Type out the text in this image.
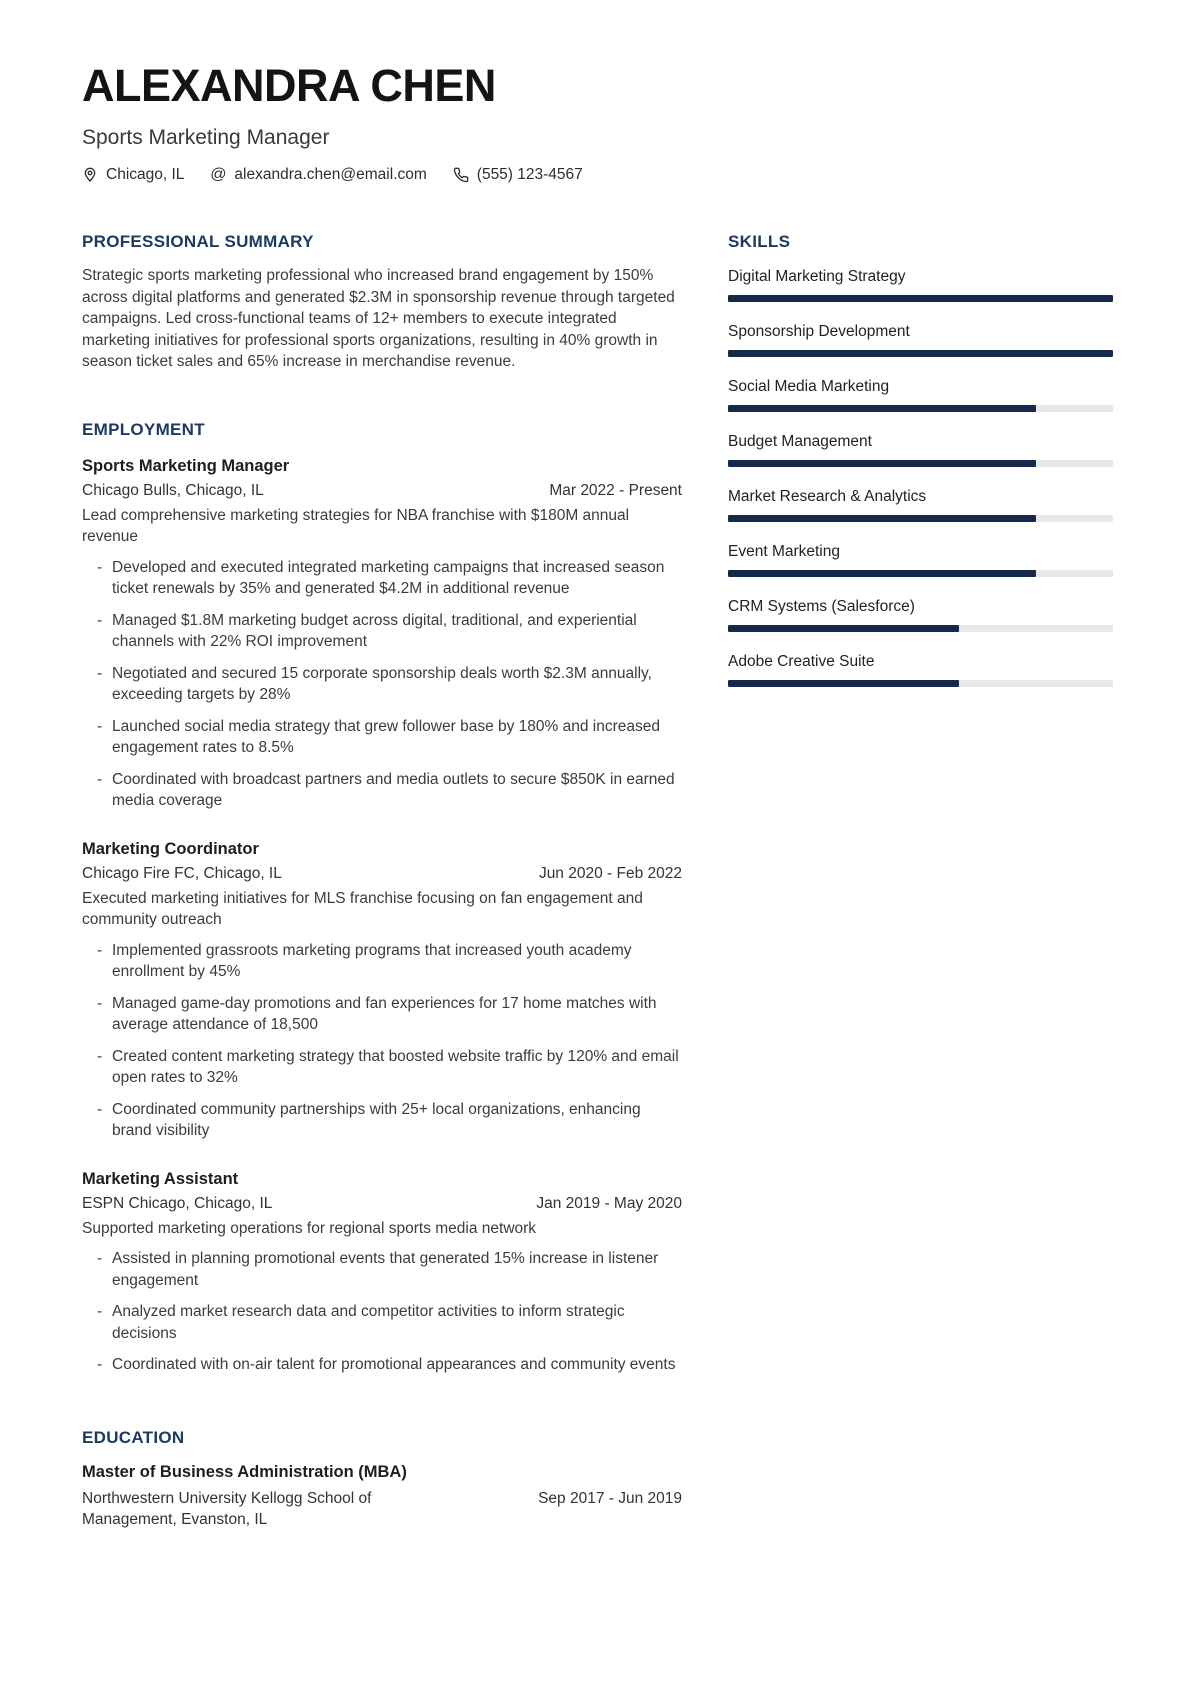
ALEXANDRA CHEN
Sports Marketing Manager
Chicago, IL @ alexandra.chen@email.com	(555) 123-4567
PROFESSIONAL SUMMARY

Strategic sports marketing professional who increased brand engagement by 150% across digital platforms and generated $2.3M in sponsorship revenue through targeted campaigns. Led cross-functional teams of 12+ members to execute integrated marketing initiatives for professional sports organizations, resulting in 40% growth in season ticket sales and 65% increase in merchandise revenue.

EMPLOYMENT
Sports Marketing Manager
Chicago Bulls, Chicago, IL	Mar 2022 - Present

Lead comprehensive marketing strategies for NBA franchise with $180M annual revenue

- Developed and executed integrated marketing campaigns that increased season ticket renewals by 35% and generated $4.2M in additional revenue
- Managed $1.8M marketing budget across digital, traditional, and experiential channels with 22% ROI improvement
- Negotiated and secured 15 corporate sponsorship deals worth $2.3M annually, exceeding targets by 28%
- Launched social media strategy that grew follower base by 180% and increased engagement rates to 8.5%
- Coordinated with broadcast partners and media outlets to secure $850K in earned media coverage
Marketing Coordinator
Chicago Fire FC, Chicago, IL	Jun 2020 - Feb 2022

Executed marketing initiatives for MLS franchise focusing on fan engagement and community outreach

- Implemented grassroots marketing programs that increased youth academy enrollment by 45%
- Managed game-day promotions and fan experiences for 17 home matches with average attendance of 18,500
- Created content marketing strategy that boosted website traffic by 120% and email open rates to 32%
- Coordinated community partnerships with 25+ local organizations, enhancing brand visibility
Marketing Assistant
ESPN Chicago, Chicago, IL	Jan 2019 - May 2020

Supported marketing operations for regional sports media network

- Assisted in planning promotional events that generated 15% increase in listener engagement
- Analyzed market research data and competitor activities to inform strategic decisions
- Coordinated with on-air talent for promotional appearances and community events
EDUCATION
Master of Business Administration (MBA)
Northwestern University Kellogg School of Management, Evanston, IL
Sep 2017 - Jun 2019
SKILLS
Digital Marketing Strategy
Sponsorship Development
Social Media Marketing
Budget Management
Market Research & Analytics
Event Marketing
CRM Systems (Salesforce)
Adobe Creative Suite
